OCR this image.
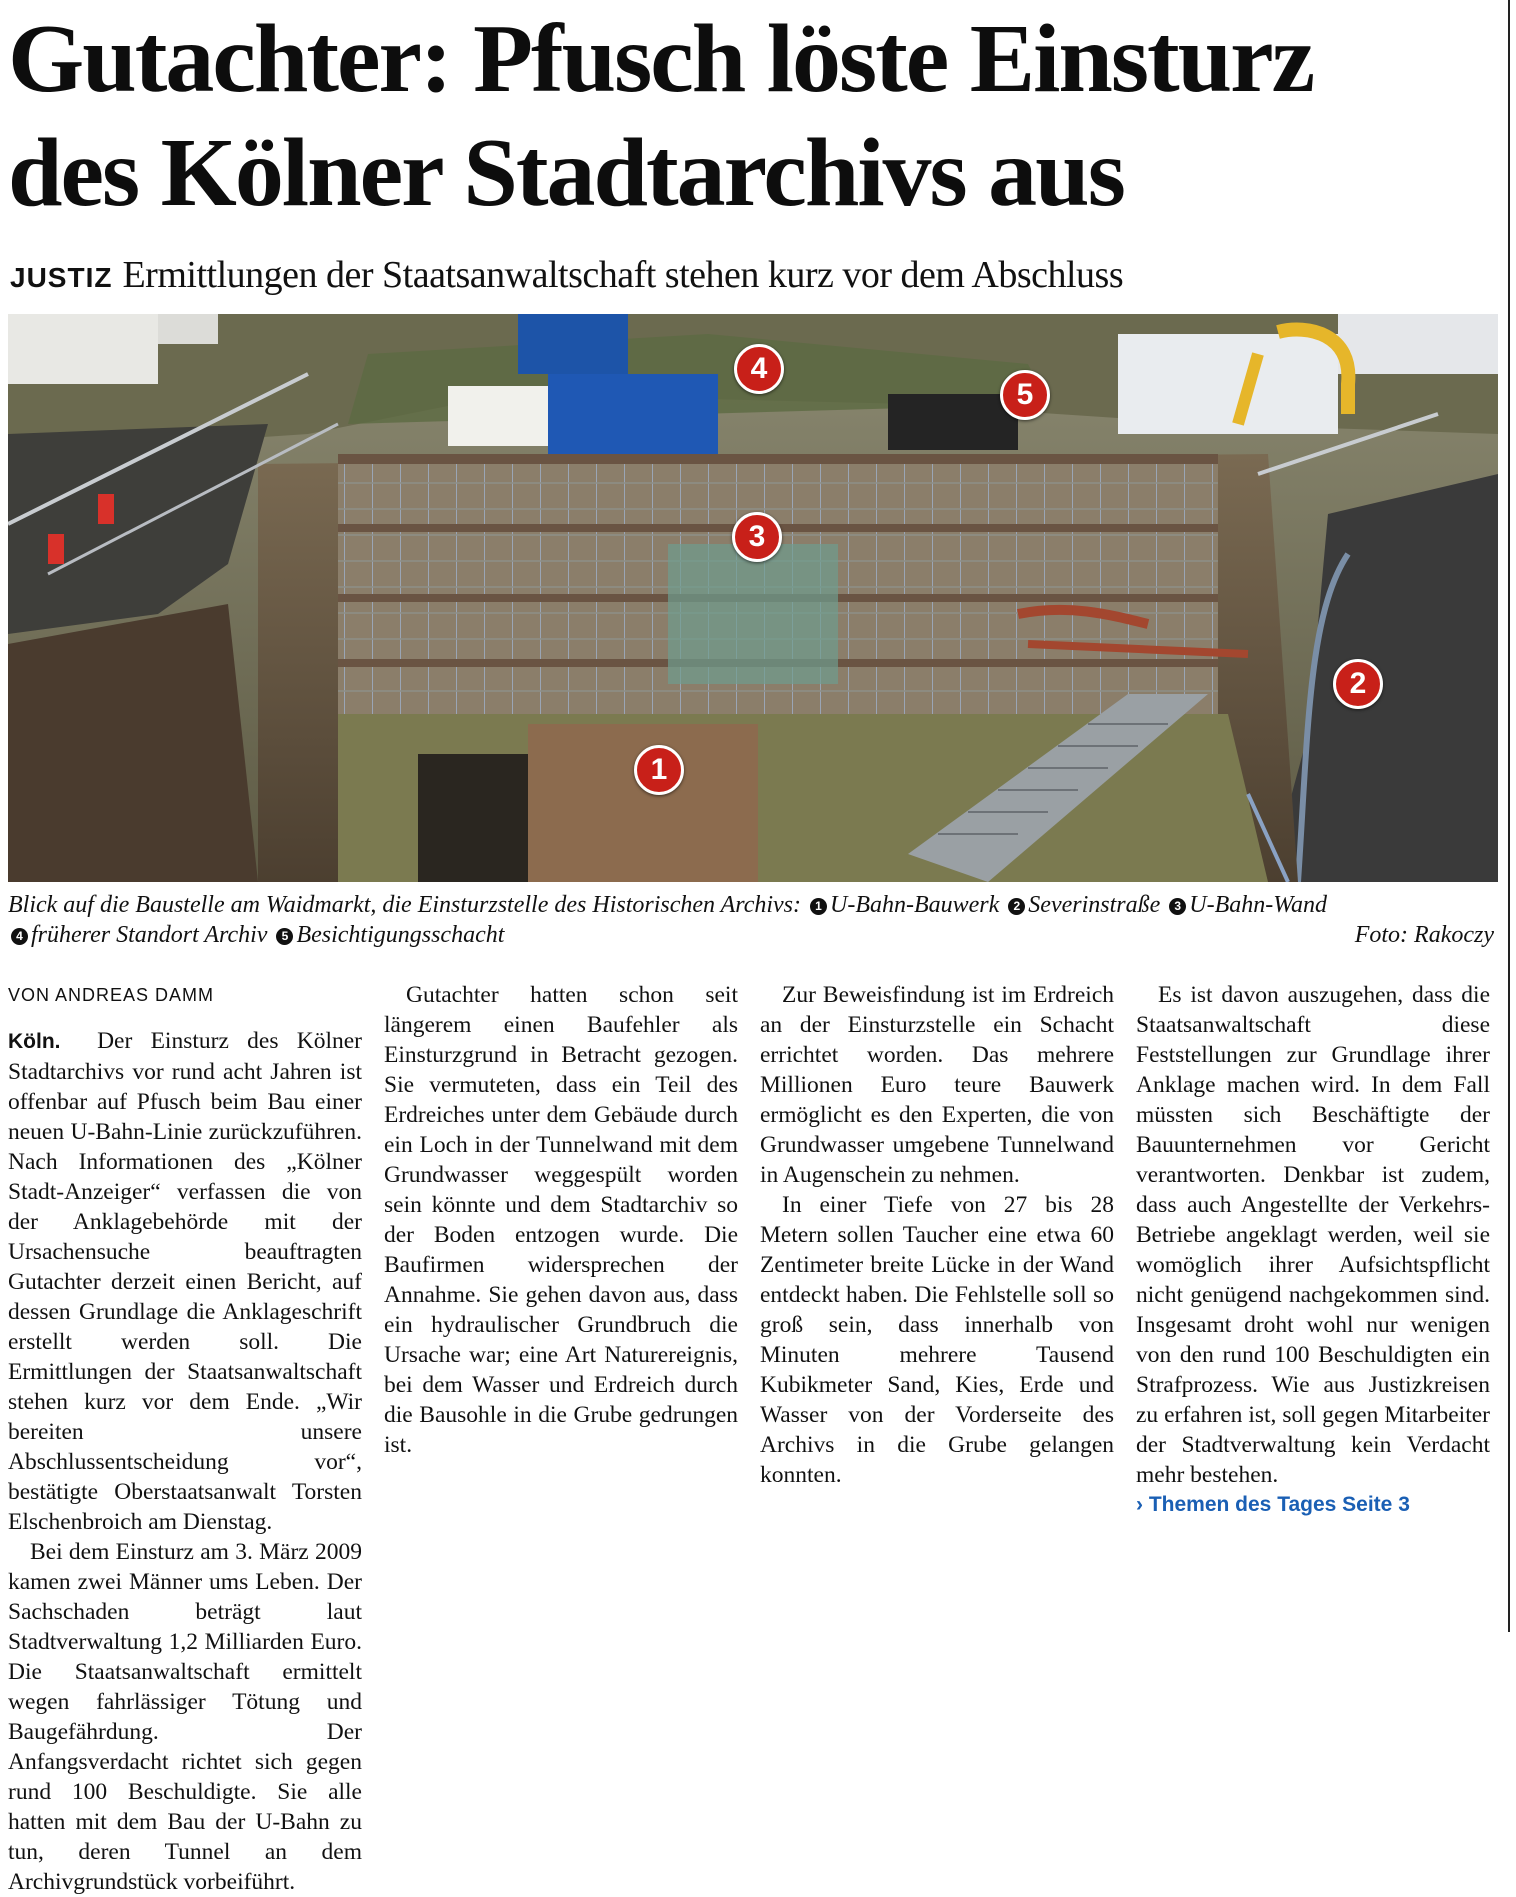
Gutachter: Pfusch löste Einsturz
des Kölner Stadtarchivs aus
JUSTIZ Ermittlungen der Staatsanwaltschaft stehen kurz vor dem Abschluss
4
5
3
2
1
Blick auf die Baustelle am Waidmarkt, die Einsturzstelle des Historischen Archivs: 1 U-Bahn-Bauwerk 2 Severinstraße 3 U-Bahn-Wand
4 früherer Standort Archiv 5 Besichtigungsschacht	Foto: Rakoczy
VON ANDREAS DAMM

Köln. Der Einsturz des Kölner Stadtarchivs vor rund acht Jahren ist offenbar auf Pfusch beim Bau einer neuen U-Bahn-Linie zurückzuführen. Nach Informationen des „Kölner Stadt-Anzeiger“ verfassen die von der Anklagebehörde mit der Ursachensuche beauftragten Gutachter derzeit einen Bericht, auf dessen Grundlage die Anklageschrift erstellt werden soll. Die Ermittlungen der Staatsanwaltschaft stehen kurz vor dem Ende. „Wir bereiten unsere Abschlussentscheidung vor“, bestätigte Oberstaatsanwalt Torsten Elschenbroich am Dienstag.

Bei dem Einsturz am 3. März 2009 kamen zwei Männer ums Leben. Der Sachschaden beträgt laut Stadtverwaltung 1,2 Milliarden Euro. Die Staatsanwaltschaft ermittelt wegen fahrlässiger Tötung und Baugefährdung. Der Anfangsverdacht richtet sich gegen rund 100 Beschuldigte. Sie alle hatten mit dem Bau der U-Bahn zu tun, deren Tunnel an dem Archivgrundstück vorbeiführt.

Gutachter hatten schon seit längerem einen Baufehler als Einsturzgrund in Betracht gezogen. Sie vermuteten, dass ein Teil des Erdreiches unter dem Gebäude durch ein Loch in der Tunnelwand mit dem Grundwasser weggespült worden sein könnte und dem Stadtarchiv so der Boden entzogen wurde. Die Baufirmen widersprechen der Annahme. Sie gehen davon aus, dass ein hydraulischer Grundbruch die Ursache war; eine Art Naturereignis, bei dem Wasser und Erdreich durch die Bausohle in die Grube gedrungen ist.

Zur Beweisfindung ist im Erdreich an der Einsturzstelle ein Schacht errichtet worden. Das mehrere Millionen Euro teure Bauwerk ermöglicht es den Experten, die von Grundwasser umgebene Tunnelwand in Augenschein zu nehmen.

In einer Tiefe von 27 bis 28 Metern sollen Taucher eine etwa 60 Zentimeter breite Lücke in der Wand entdeckt haben. Die Fehlstelle soll so groß sein, dass innerhalb von Minuten mehrere Tausend Kubikmeter Sand, Kies, Erde und Wasser von der Vorderseite des Archivs in die Grube gelangen konnten.

Es ist davon auszugehen, dass die Staatsanwaltschaft diese Feststellungen zur Grundlage ihrer Anklage machen wird. In dem Fall müssten sich Beschäftigte der Bauunternehmen vor Gericht verantworten. Denkbar ist zudem, dass auch Angestellte der Verkehrs-Betriebe angeklagt werden, weil sie womöglich ihrer Aufsichtspflicht nicht genügend nachgekommen sind. Insgesamt droht wohl nur wenigen von den rund 100 Beschuldigten ein Strafprozess. Wie aus Justizkreisen zu erfahren ist, soll gegen Mitarbeiter der Stadtverwaltung kein Verdacht mehr bestehen.

› Themen des Tages Seite 3
